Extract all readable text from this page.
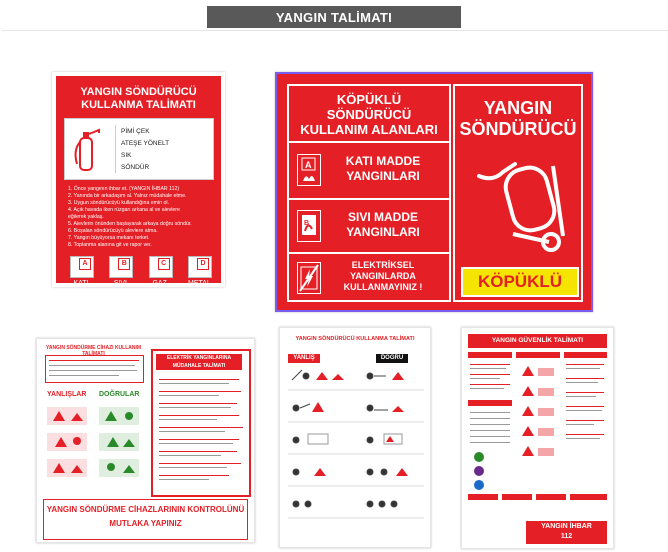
YANGIN TALİMATI
YANGIN SÖNDÜRÜCÜ
KULLANMA TALİMATI
PİMİ ÇEK
ATEŞE YÖNELT
SIK
SÖNDÜR
1. Önce yangının ihbar et. (YANGIN İHBAR 112)
2. Yanında bir arkadaşım al. Yalnız müdahale etme.
3. Uygun söndürücüyü kullandığına emin ol.
4. Açık havada iken rüzgarı arkana al ve alevlere
eğilerek yaklaş.
5. Alevlerin önünden başlayarak arkaya doğru söndür.
6. Boşalan söndürücüyü alevlere atma.
7. Yangın büyüyorsa mekanı terket.
8. Toplanma alanına git ve rapor ver.
A
KATI
B
SIVI
C
GAZ
D
METAL
KÖPÜKLÜ
SÖNDÜRÜCÜ
KULLANIM ALANLARI
A	KATI MADDE
YANGINLARI
B	SIVI MADDE
YANGINLARI
ELEKTRİKSEL
YANGINLARDA
KULLANMAYINIZ !
YANGIN
SÖNDÜRÜCÜ
KÖPÜKLÜ
YANGIN SÖNDÜRME CİHAZI KULLANIM TALİMATI
YANLIŞLAR DOĞRULAR
ELEKTRİK YANGINLARINA
MÜDAHALE TALİMATI
YANGIN SÖNDÜRME CİHAZLARININ KONTROLÜNÜ
MUTLAKA YAPINIZ
YANGIN SÖNDÜRÜCÜ KULLANMA TALİMATI
YANLIŞ	DOĞRU
YANGIN GÜVENLİK TALİMATI
YANGIN İHBAR
112
